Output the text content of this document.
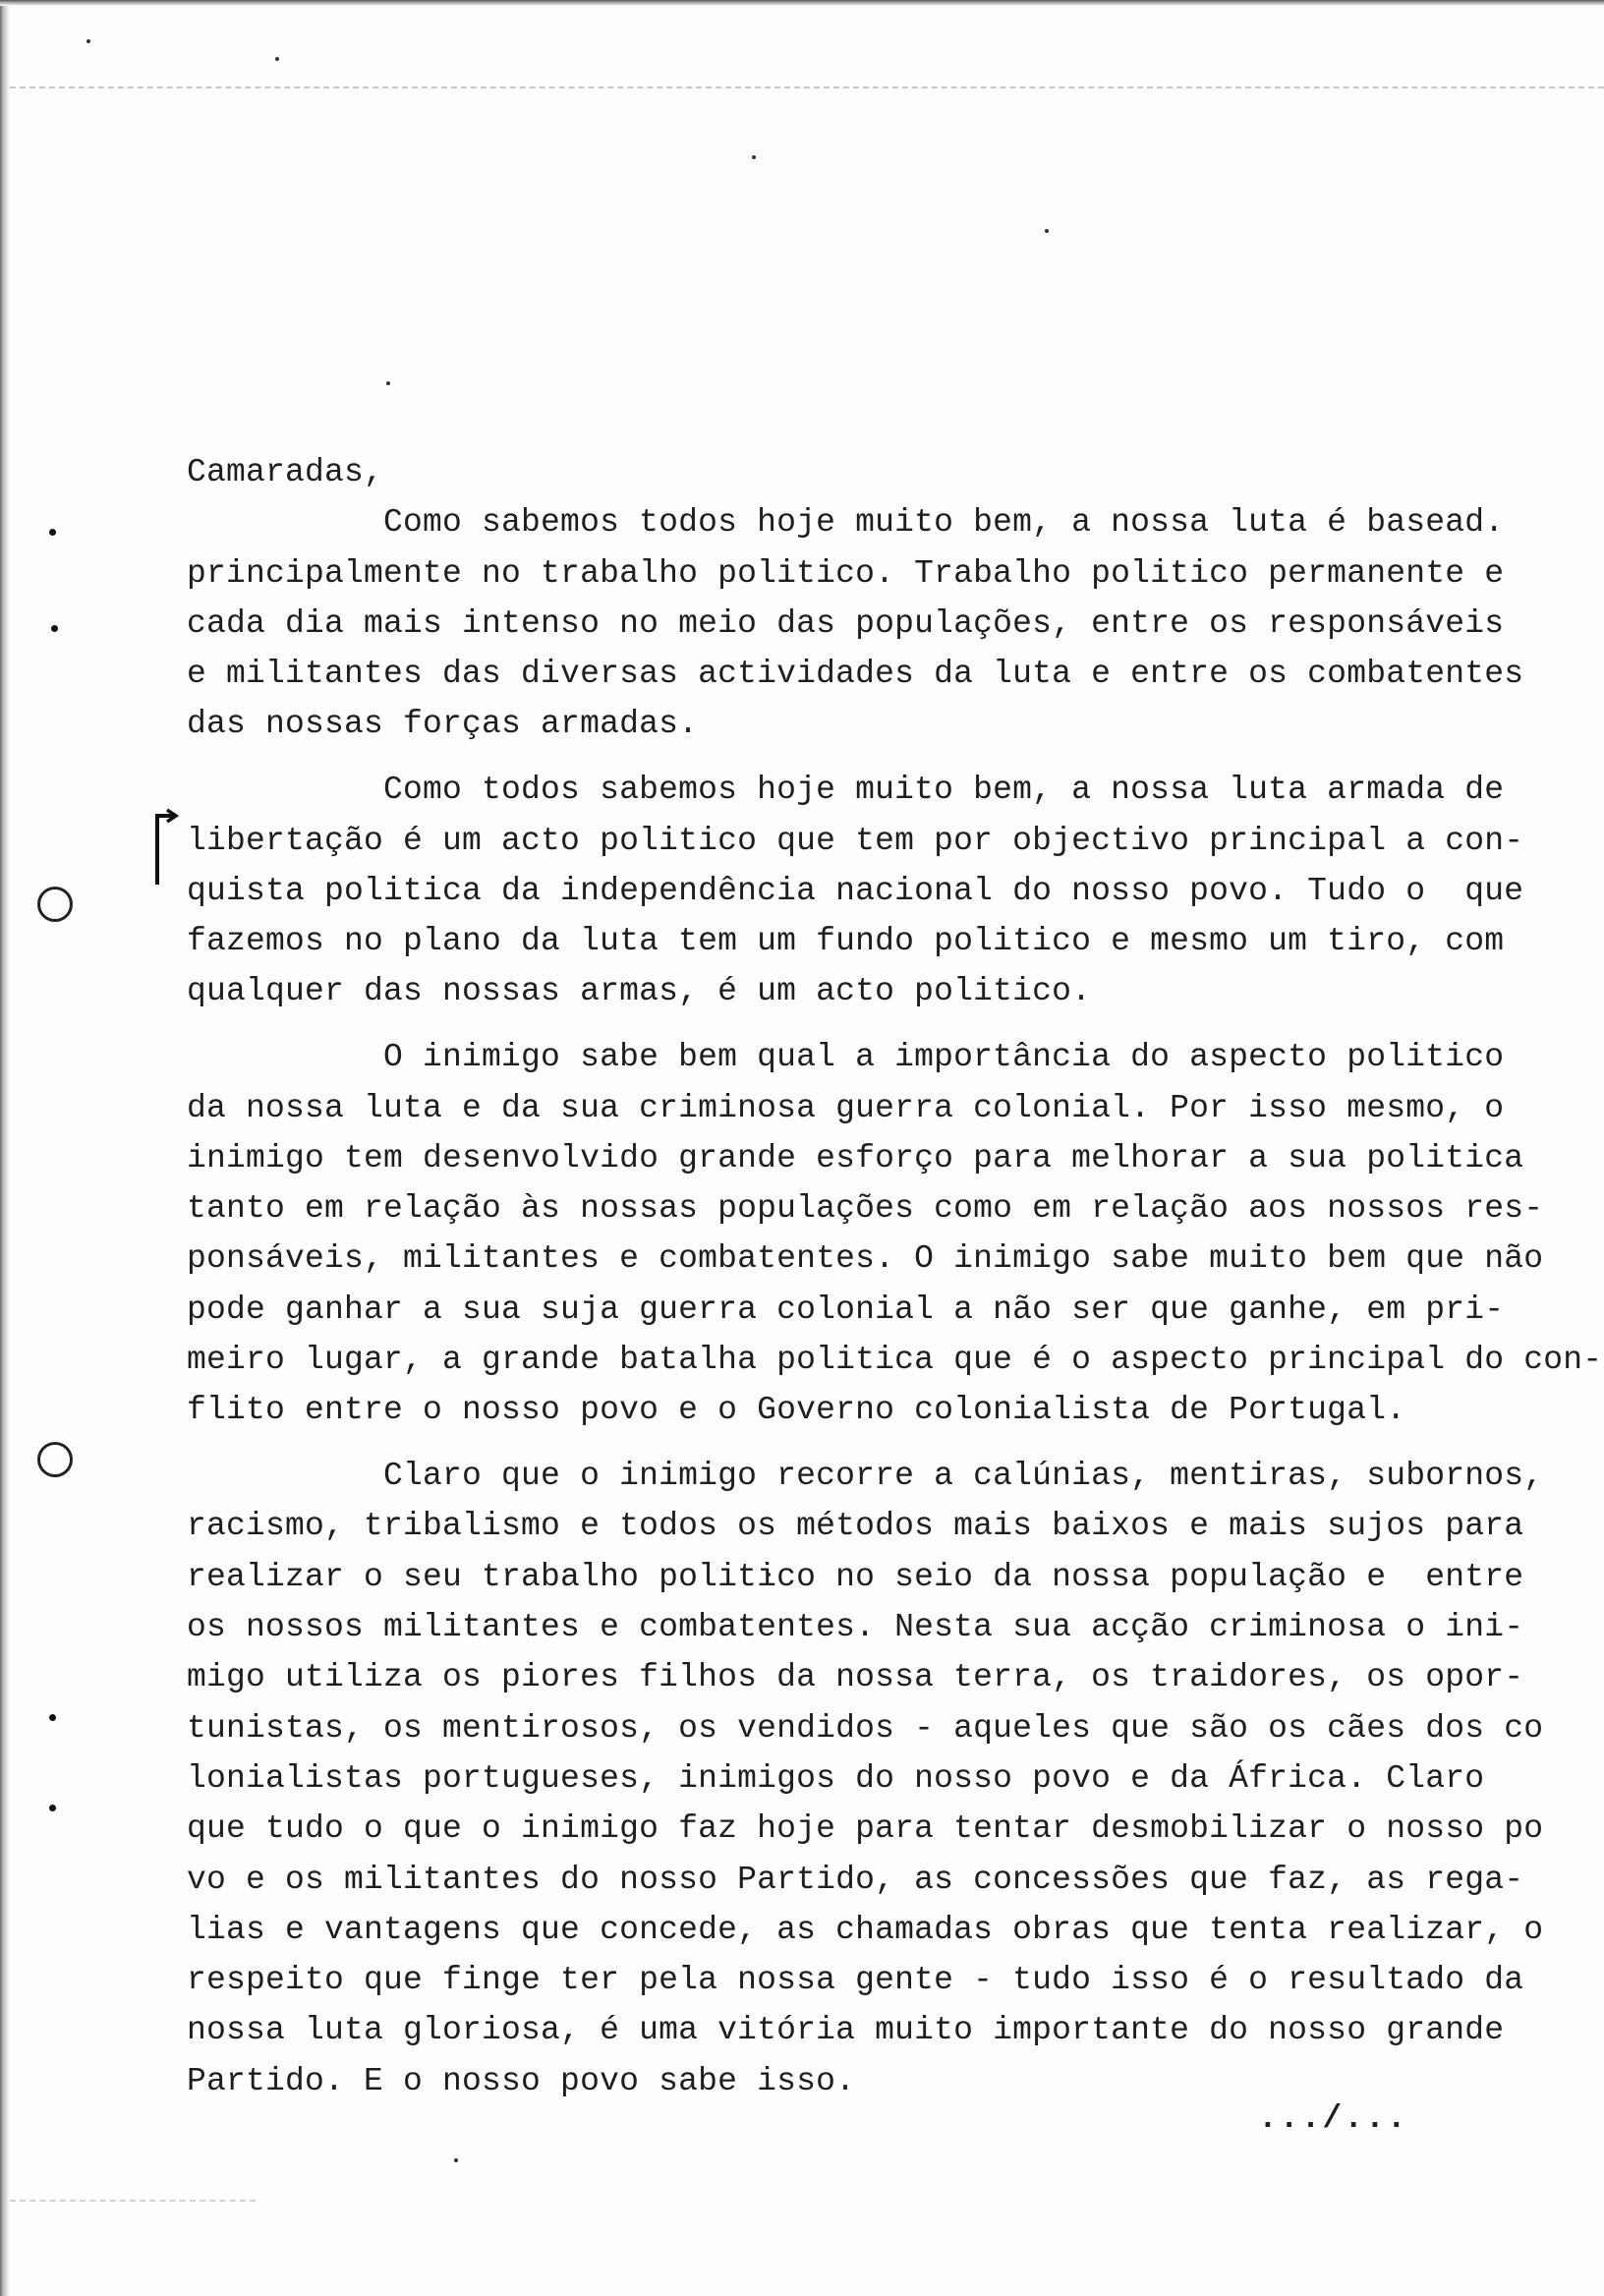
Camaradas,

Como sabemos todos hoje muito bem, a nossa luta é basead.
principalmente no trabalho politico. Trabalho politico permanente e
cada dia mais intenso no meio das populações, entre os responsáveis
e militantes das diversas actividades da luta e entre os combatentes
das nossas forças armadas.
Como todos sabemos hoje muito bem, a nossa luta armada de
libertação é um acto politico que tem por objectivo principal a con-
quista politica da independência nacional do nosso povo. Tudo o  que
fazemos no plano da luta tem um fundo politico e mesmo um tiro, com
qualquer das nossas armas, é um acto politico.
O inimigo sabe bem qual a importância do aspecto politico
da nossa luta e da sua criminosa guerra colonial. Por isso mesmo, o
inimigo tem desenvolvido grande esforço para melhorar a sua politica
tanto em relação às nossas populações como em relação aos nossos res-
ponsáveis, militantes e combatentes. O inimigo sabe muito bem que não
pode ganhar a sua suja guerra colonial a não ser que ganhe, em pri-
meiro lugar, a grande batalha politica que é o aspecto principal do con-
flito entre o nosso povo e o Governo colonialista de Portugal.
Claro que o inimigo recorre a calúnias, mentiras, subornos,
racismo, tribalismo e todos os métodos mais baixos e mais sujos para
realizar o seu trabalho politico no seio da nossa população e  entre
os nossos militantes e combatentes. Nesta sua acção criminosa o ini-
migo utiliza os piores filhos da nossa terra, os traidores, os opor-
tunistas, os mentirosos, os vendidos - aqueles que são os cães dos co
lonialistas portugueses, inimigos do nosso povo e da África. Claro
que tudo o que o inimigo faz hoje para tentar desmobilizar o nosso po
vo e os militantes do nosso Partido, as concessões que faz, as rega-
lias e vantagens que concede, as chamadas obras que tenta realizar, o
respeito que finge ter pela nossa gente - tudo isso é o resultado da
nossa luta gloriosa, é uma vitória muito importante do nosso grande
Partido. E o nosso povo sabe isso.
.../...
